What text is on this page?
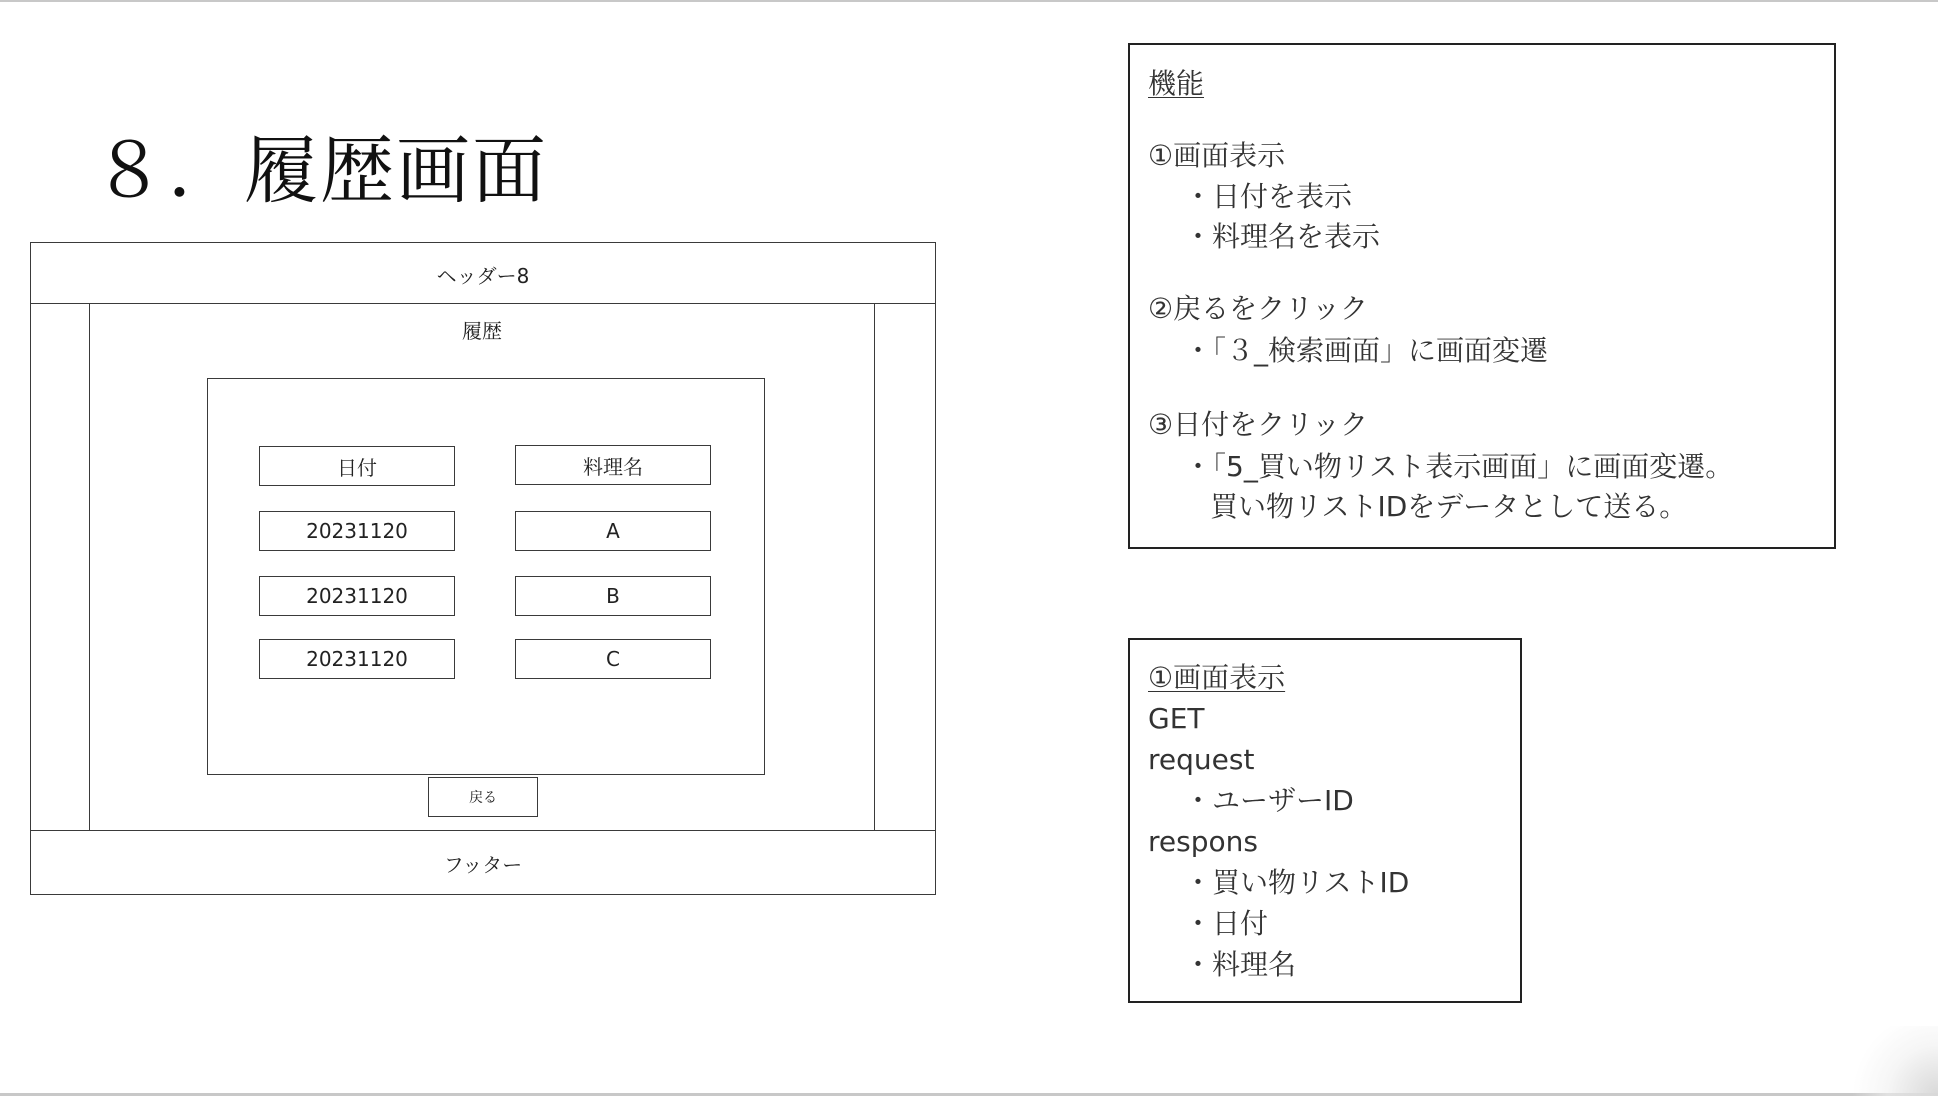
８．履歴画面
ヘッダー8
履歴
日付	料理名
20231120	A
20231120	B
20231120	C
戻る
フッター
機能
①画面表示
・日付を表示
・料理名を表示
②戻るをクリック
・「３_検索画面」に画面変遷
③日付をクリック
・「5_買い物リスト表示画面」に画面変遷。
買い物リストIDをデータとして送る。
①画面表示
GET
request
・ユーザーID
respons
・買い物リストID
・日付
・料理名
